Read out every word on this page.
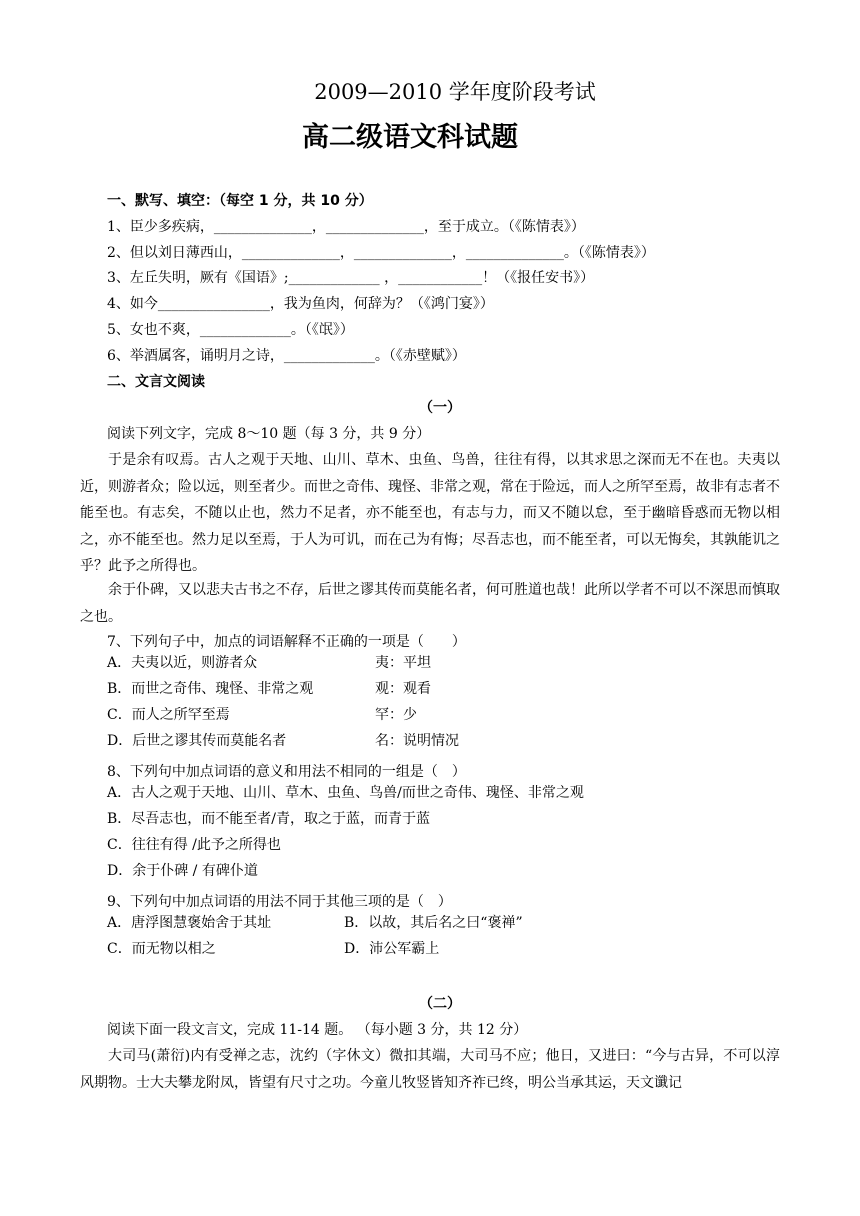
2009—2010 学年度阶段考试
高二级语文科试题
一、默写、填空：（每空 1 分，共 10 分）
1、臣少多疾病，______________，______________，至于成立。（《陈情表》）
2、但以刘日薄西山，______________，______________，______________。（《陈情表》）
3、左丘失明，厥有《国语》;_____________ ，____________！（《报任安书》）
4、如今________________，我为鱼肉，何辞为？（《鸿门宴》）
5、女也不爽，_____________。（《氓》）
6、举酒属客，诵明月之诗，_____________。（《赤壁赋》）
二、文言文阅读
（一）
阅读下列文字，完成 8～10 题（每 3 分，共 9 分）
于是余有叹焉。古人之观于天地、山川、草木、虫鱼、鸟兽，往往有得，以其求思之深而无不在也。夫夷以近，则游者众；险以远，则至者少。而世之奇伟、瑰怪、非常之观，常在于险远，而人之所罕至焉，故非有志者不能至也。有志矣，不随以止也，然力不足者，亦不能至也，有志与力，而又不随以怠，至于幽暗昏惑而无物以相之，亦不能至也。然力足以至焉，于人为可讥，而在己为有悔；尽吾志也，而不能至者，可以无悔矣，其孰能讥之乎？此予之所得也。
余于仆碑，又以悲夫古书之不存，后世之谬其传而莫能名者，何可胜道也哉！此所以学者不可以不深思而慎取之也。
7、下列句子中，加点的词语解释不正确的一项是（　　）
A．夫夷以近，则游者众	夷：平坦
B．而世之奇伟、瑰怪、非常之观	观：观看
C．而人之所罕至焉	罕：少
D．后世之谬其传而莫能名者	名：说明情况
8、下列句中加点词语的意义和用法不相同的一组是（　）
A．古人之观于天地、山川、草木、虫鱼、鸟兽/而世之奇伟、瑰怪、非常之观
B．尽吾志也，而不能至者/青，取之于蓝，而青于蓝
C．往往有得 /此予之所得也
D．余于仆碑 / 有碑仆道
9、下列句中加点词语的用法不同于其他三项的是（　）
A．唐浮图慧褒始舍于其址	B．以故，其后名之曰“褒禅”
C．而无物以相之	D．沛公军霸上
（二）
阅读下面一段文言文，完成 11-14 题。 （每小题 3 分，共 12 分）
大司马(萧衍)内有受禅之志，沈约（字休文）微扣其端，大司马不应；他日，又进曰：“今与古异，不可以淳风期物。士大夫攀龙附凤，皆望有尺寸之功。今童儿牧竖皆知齐祚已终，明公当承其运，天文谶记
